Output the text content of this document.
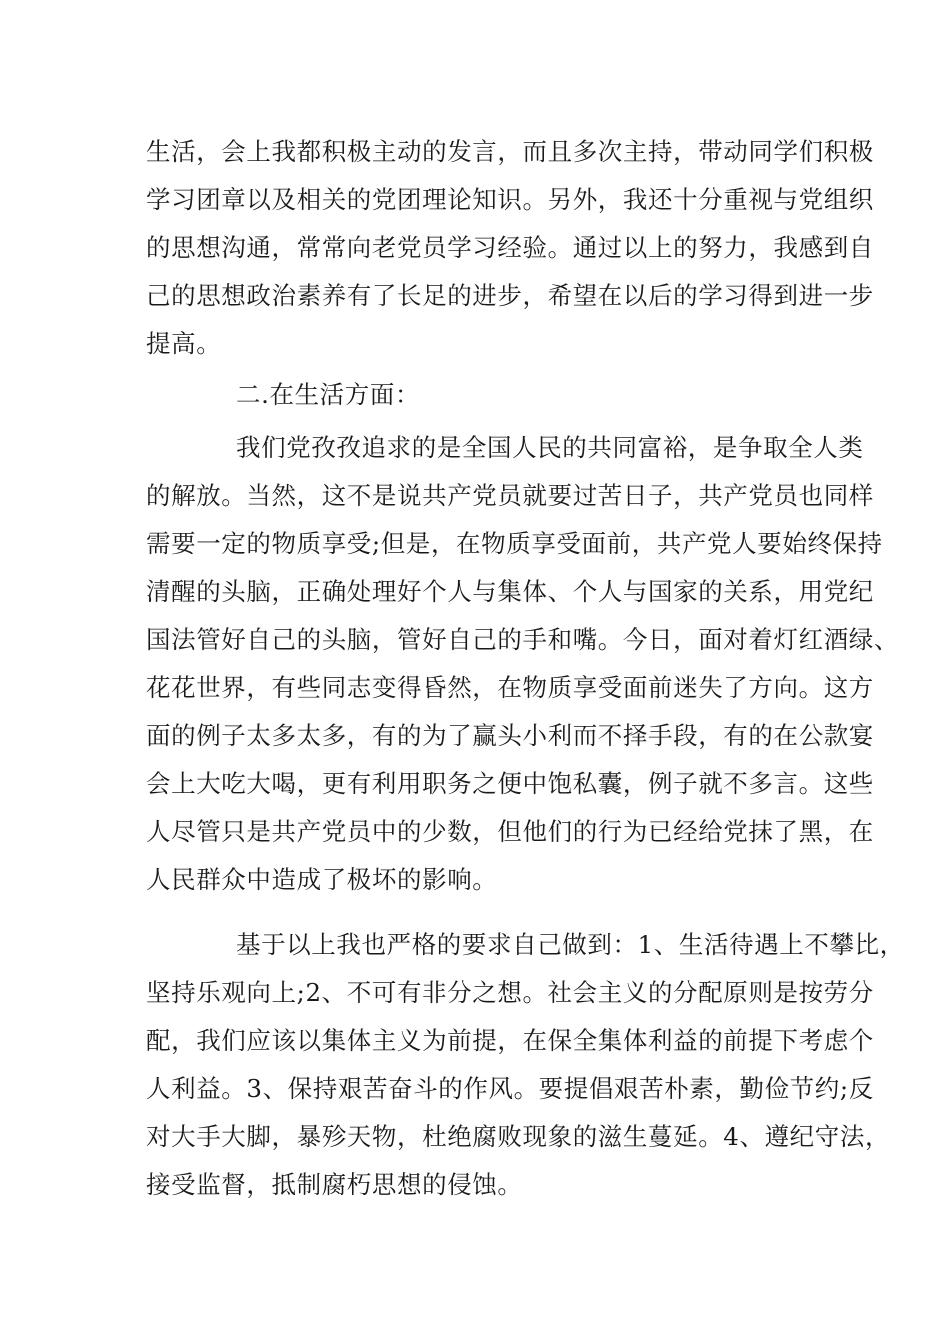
生活，会上我都积极主动的发言，而且多次主持，带动同学们积极
学习团章以及相关的党团理论知识。另外，我还十分重视与党组织
的思想沟通，常常向老党员学习经验。通过以上的努力，我感到自
己的思想政治素养有了长足的进步，希望在以后的学习得到进一步
提高。
二.在生活方面：
我们党孜孜追求的是全国人民的共同富裕，是争取全人类
的解放。当然，这不是说共产党员就要过苦日子，共产党员也同样
需要一定的物质享受;但是，在物质享受面前，共产党人要始终保持
清醒的头脑，正确处理好个人与集体、个人与国家的关系，用党纪
国法管好自己的头脑，管好自己的手和嘴。今日，面对着灯红酒绿、
花花世界，有些同志变得昏然，在物质享受面前迷失了方向。这方
面的例子太多太多，有的为了赢头小利而不择手段，有的在公款宴
会上大吃大喝，更有利用职务之便中饱私囊，例子就不多言。这些
人尽管只是共产党员中的少数，但他们的行为已经给党抹了黑，在
人民群众中造成了极坏的影响。
基于以上我也严格的要求自己做到：1、生活待遇上不攀比，
坚持乐观向上;2、不可有非分之想。社会主义的分配原则是按劳分
配，我们应该以集体主义为前提，在保全集体利益的前提下考虑个
人利益。3、保持艰苦奋斗的作风。要提倡艰苦朴素，勤俭节约;反
对大手大脚，暴殄天物，杜绝腐败现象的滋生蔓延。4、遵纪守法，
接受监督，抵制腐朽思想的侵蚀。
